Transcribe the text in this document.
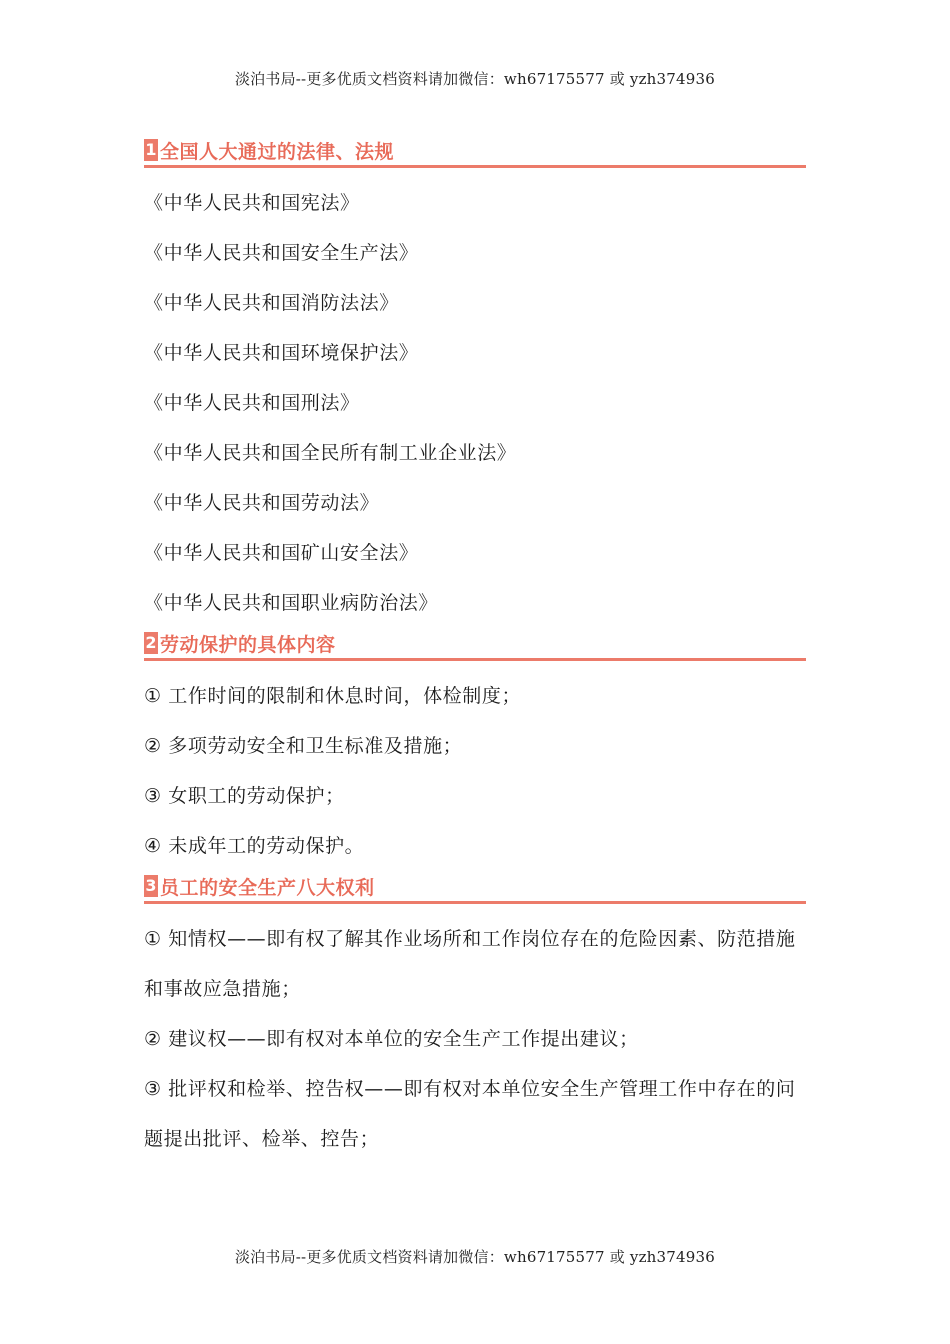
淡泊书局--更多优质文档资料请加微信：wh67175577 或 yzh374936
1 全国人大通过的法律、法规
《中华人民共和国宪法》
《中华人民共和国安全生产法》
《中华人民共和国消防法法》
《中华人民共和国环境保护法》
《中华人民共和国刑法》
《中华人民共和国全民所有制工业企业法》
《中华人民共和国劳动法》
《中华人民共和国矿山安全法》
《中华人民共和国职业病防治法》
2 劳动保护的具体内容
① 工作时间的限制和休息时间，体检制度；
② 多项劳动安全和卫生标准及措施；
③ 女职工的劳动保护；
④ 未成年工的劳动保护。
3 员工的安全生产八大权利
① 知情权——即有权了解其作业场所和工作岗位存在的危险因素、防范措施和事故应急措施；
② 建议权——即有权对本单位的安全生产工作提出建议；
③ 批评权和检举、控告权——即有权对本单位安全生产管理工作中存在的问题提出批评、检举、控告；
淡泊书局--更多优质文档资料请加微信：wh67175577 或 yzh374936
